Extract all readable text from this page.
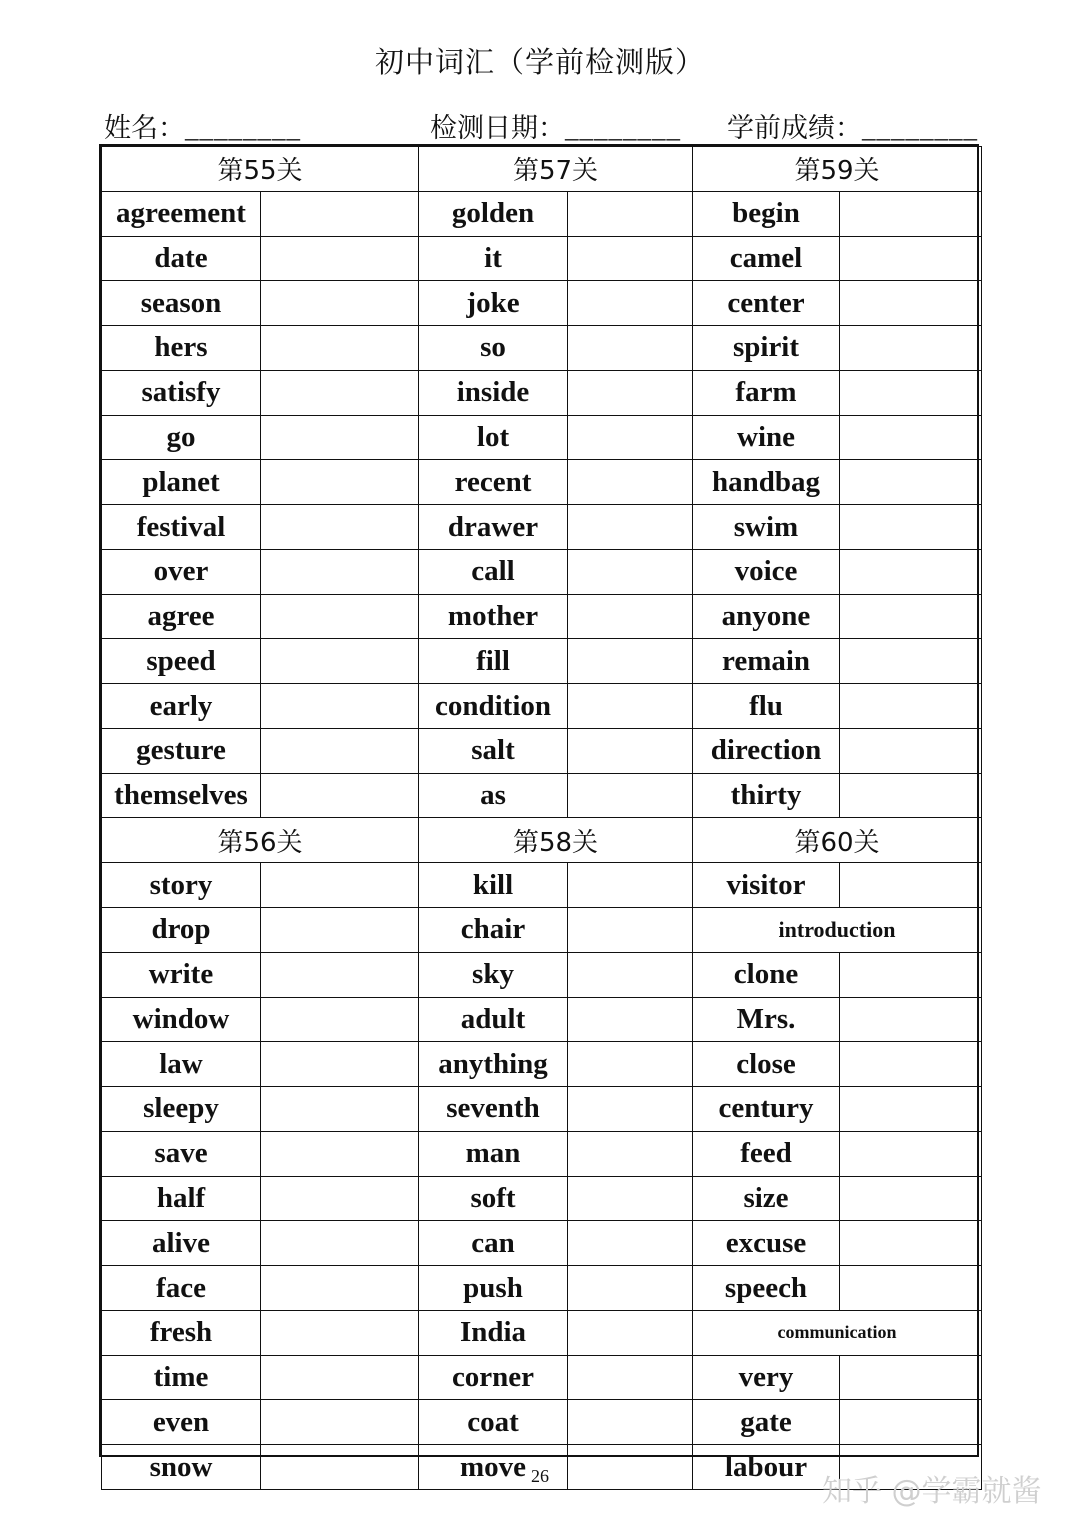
初中词汇（学前检测版）
姓名：________	检测日期：________ 学前成绩：________
第55关		第57关		第59关	
agreement		golden		begin	
date		it		camel	
season		joke		center	
hers		so		spirit	
satisfy		inside		farm	
go		lot		wine	
planet		recent		handbag	
festival		drawer		swim	
over		call		voice	
agree		mother		anyone	
speed		fill		remain	
early		condition		flu	
gesture		salt		direction	
themselves		as		thirty	
第56关		第58关		第60关	
story		kill		visitor	
drop		chair		introduction	
write		sky		clone	
window		adult		Mrs.	
law		anything		close	
sleepy		seventh		century	
save		man		feed	
half		soft		size	
alive		can		excuse	
face		push		speech	
fresh		India		communication	
time		corner		very	
even		coat		gate	
snow		move		labour	
26	知乎 @学霸就酱
